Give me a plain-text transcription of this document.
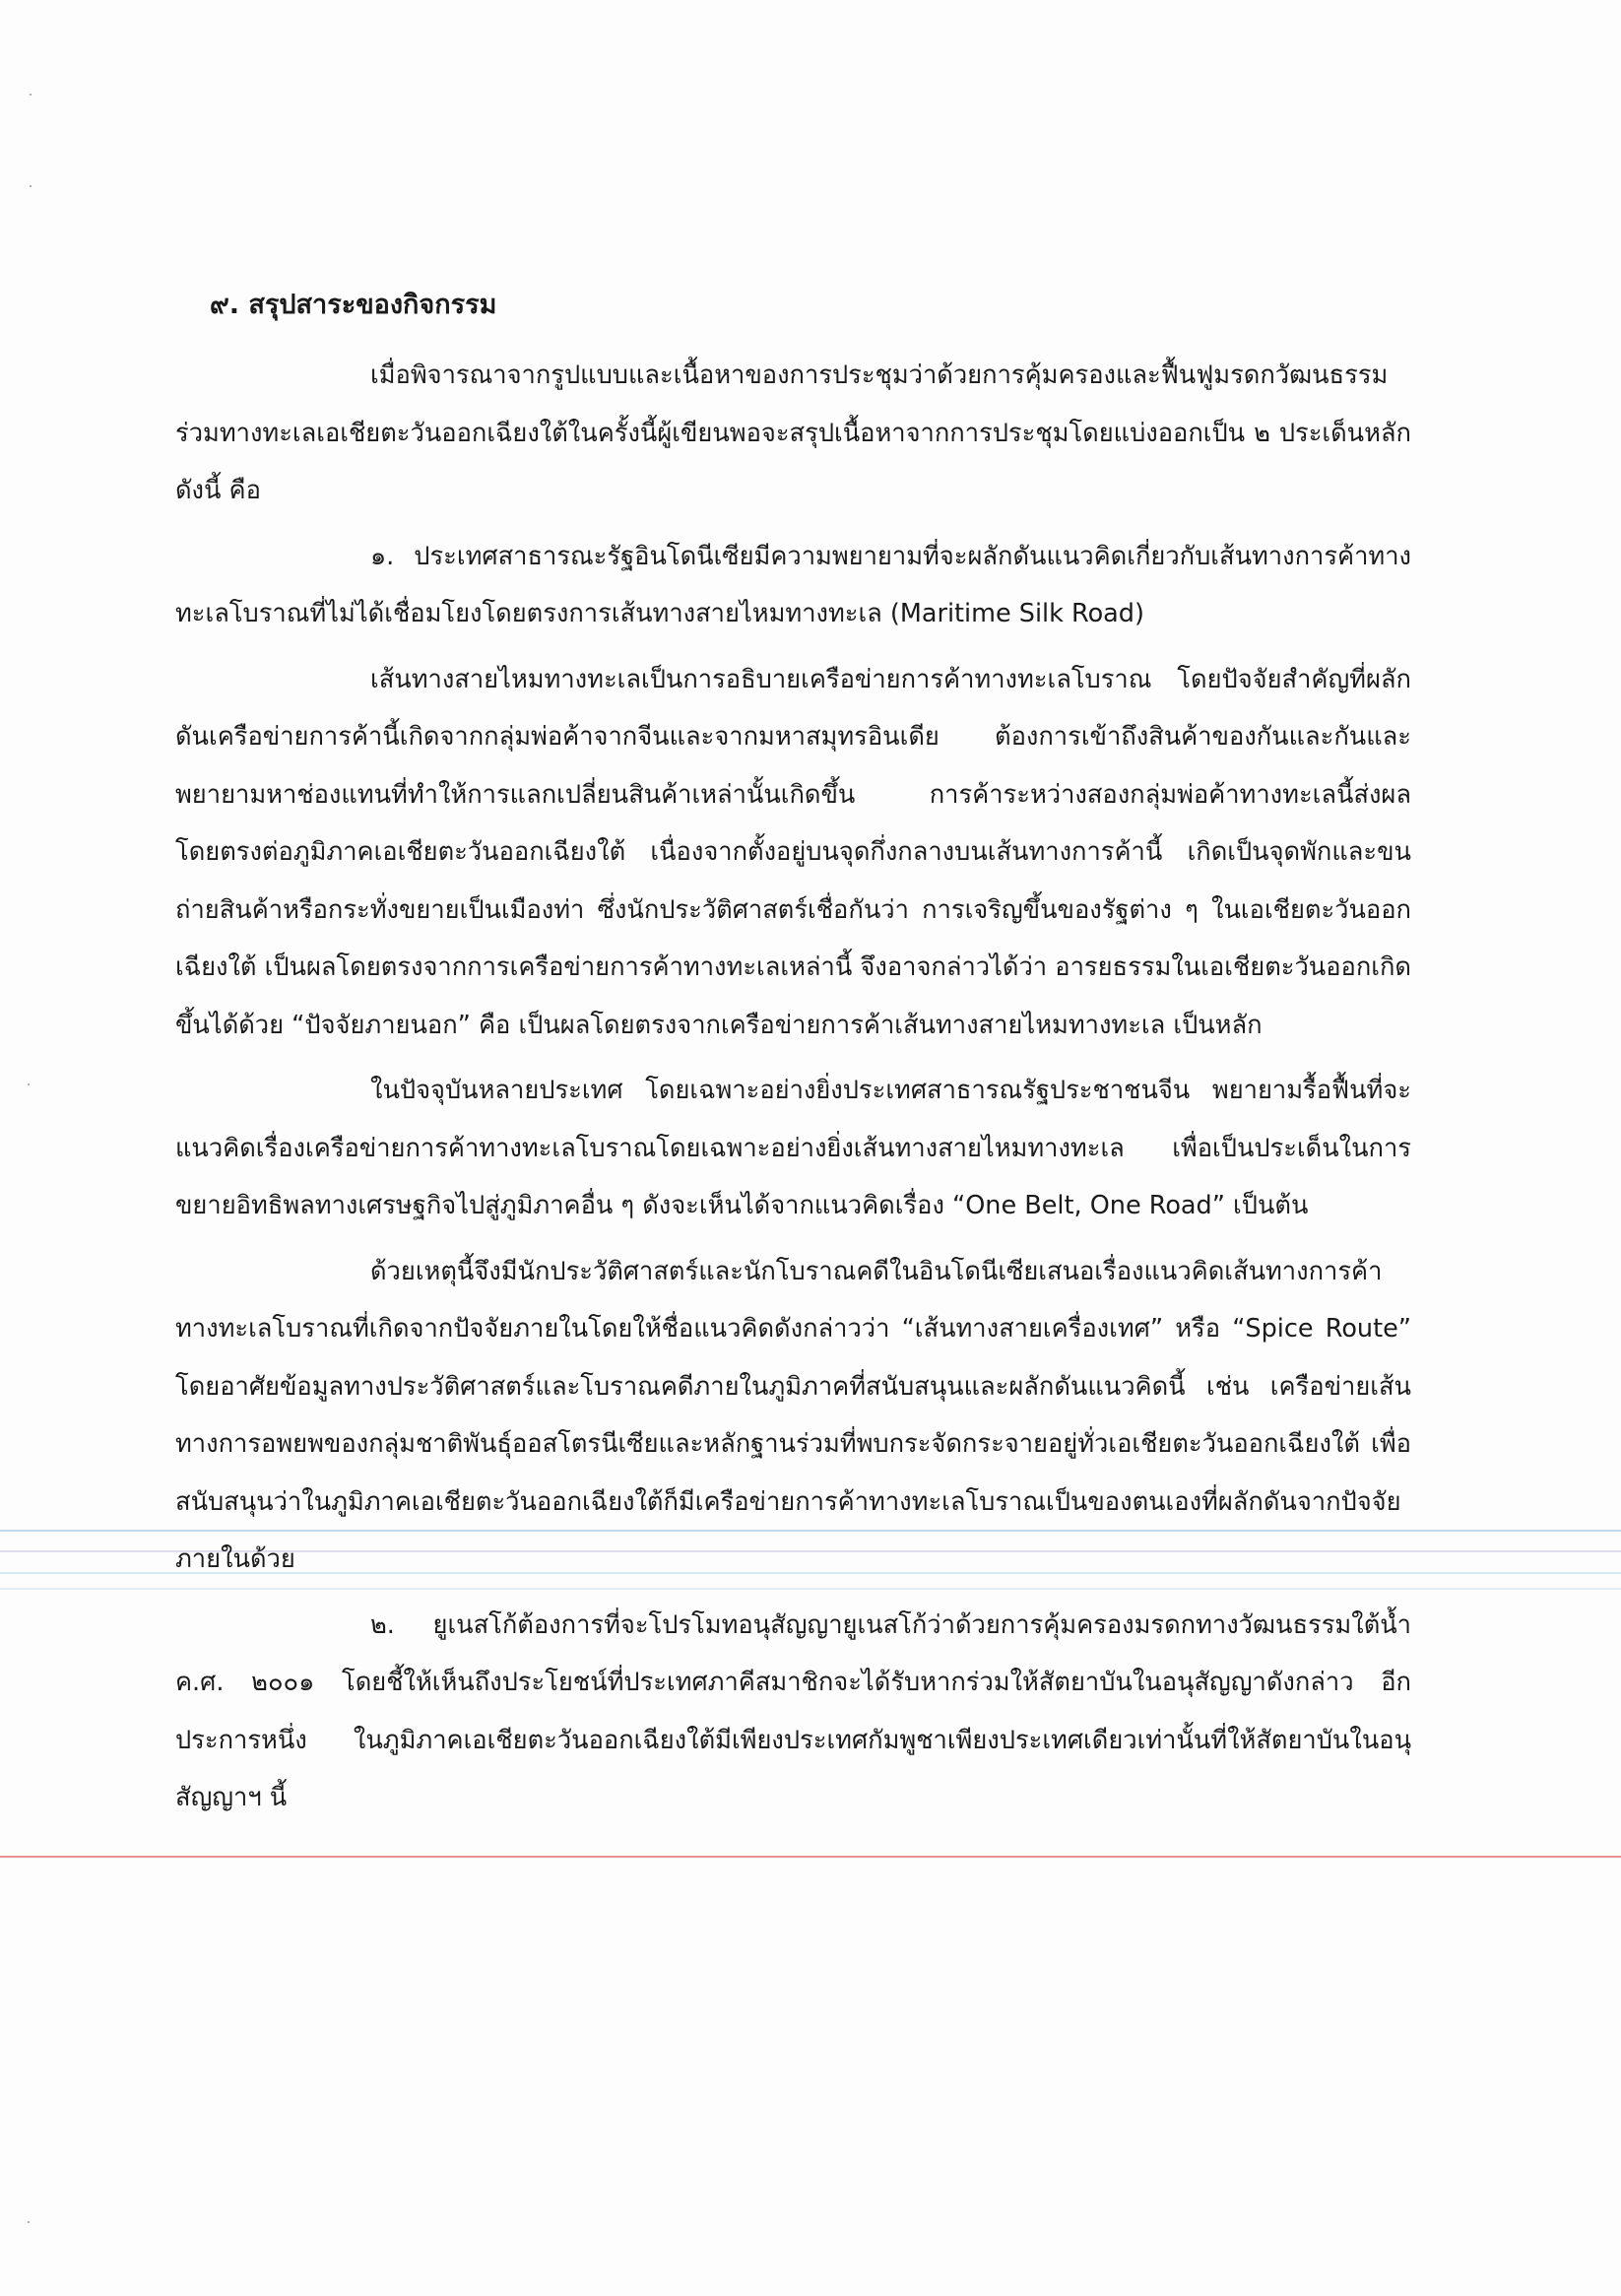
๙. สรุปสาระของกิจกรรม

เมื่อพิจารณาจากรูปแบบและเนื้อหาของการประชุมว่าด้วยการคุ้มครองและฟื้นฟูมรดกวัฒนธรรมร่วมทางทะเลเอเชียตะวันออกเฉียงใต้ในครั้งนี้ผู้เขียนพอจะสรุปเนื้อหาจากการประชุมโดยแบ่งออกเป็น ๒ ประเด็นหลักดังนี้ คือ

๑. ประเทศสาธารณะรัฐอินโดนีเซียมีความพยายามที่จะผลักดันแนวคิดเกี่ยวกับเส้นทางการค้าทางทะเลโบราณที่ไม่ได้เชื่อมโยงโดยตรงการเส้นทางสายไหมทางทะเล (Maritime Silk Road)

เส้นทางสายไหมทางทะเลเป็นการอธิบายเครือข่ายการค้าทางทะเลโบราณ โดยปัจจัยสำคัญที่ผลักดันเครือข่ายการค้านี้เกิดจากกลุ่มพ่อค้าจากจีนและจากมหาสมุทรอินเดีย ต้องการเข้าถึงสินค้าของกันและกันและพยายามหาช่องแทนที่ทำให้การแลกเปลี่ยนสินค้าเหล่านั้นเกิดขึ้น การค้าระหว่างสองกลุ่มพ่อค้าทางทะเลนี้ส่งผลโดยตรงต่อภูมิภาคเอเชียตะวันออกเฉียงใต้ เนื่องจากตั้งอยู่บนจุดกึ่งกลางบนเส้นทางการค้านี้ เกิดเป็นจุดพักและขนถ่ายสินค้าหรือกระทั่งขยายเป็นเมืองท่า ซึ่งนักประวัติศาสตร์เชื่อกันว่า การเจริญขึ้นของรัฐต่าง ๆ ในเอเชียตะวันออกเฉียงใต้ เป็นผลโดยตรงจากการเครือข่ายการค้าทางทะเลเหล่านี้ จึงอาจกล่าวได้ว่า อารยธรรมในเอเชียตะวันออกเกิดขึ้นได้ด้วย “ปัจจัยภายนอก” คือ เป็นผลโดยตรงจากเครือข่ายการค้าเส้นทางสายไหมทางทะเล เป็นหลัก

ในปัจจุบันหลายประเทศ โดยเฉพาะอย่างยิ่งประเทศสาธารณรัฐประชาชนจีน พยายามรื้อฟื้นที่จะแนวคิดเรื่องเครือข่ายการค้าทางทะเลโบราณโดยเฉพาะอย่างยิ่งเส้นทางสายไหมทางทะเล เพื่อเป็นประเด็นในการขยายอิทธิพลทางเศรษฐกิจไปสู่ภูมิภาคอื่น ๆ ดังจะเห็นได้จากแนวคิดเรื่อง “One Belt, One Road” เป็นต้น

ด้วยเหตุนี้จึงมีนักประวัติศาสตร์และนักโบราณคดีในอินโดนีเซียเสนอเรื่องแนวคิดเส้นทางการค้าทางทะเลโบราณที่เกิดจากปัจจัยภายในโดยให้ชื่อแนวคิดดังกล่าวว่า “เส้นทางสายเครื่องเทศ” หรือ “Spice Route” โดยอาศัยข้อมูลทางประวัติศาสตร์และโบราณคดีภายในภูมิภาคที่สนับสนุนและผลักดันแนวคิดนี้ เช่น เครือข่ายเส้นทางการอพยพของกลุ่มชาติพันธุ์ออสโตรนีเซียและหลักฐานร่วมที่พบกระจัดกระจายอยู่ทั่วเอเชียตะวันออกเฉียงใต้ เพื่อสนับสนุนว่าในภูมิภาคเอเชียตะวันออกเฉียงใต้ก็มีเครือข่ายการค้าทางทะเลโบราณเป็นของตนเองที่ผลักดันจากปัจจัยภายในด้วย

๒. ยูเนสโก้ต้องการที่จะโปรโมทอนุสัญญายูเนสโก้ว่าด้วยการคุ้มครองมรดกทางวัฒนธรรมใต้น้ำ ค.ศ. ๒๐๐๑ โดยชี้ให้เห็นถึงประโยชน์ที่ประเทศภาคีสมาชิกจะได้รับหากร่วมให้สัตยาบันในอนุสัญญาดังกล่าว อีกประการหนึ่ง ในภูมิภาคเอเชียตะวันออกเฉียงใต้มีเพียงประเทศกัมพูชาเพียงประเทศเดียวเท่านั้นที่ให้สัตยาบันในอนุสัญญาฯ นี้
